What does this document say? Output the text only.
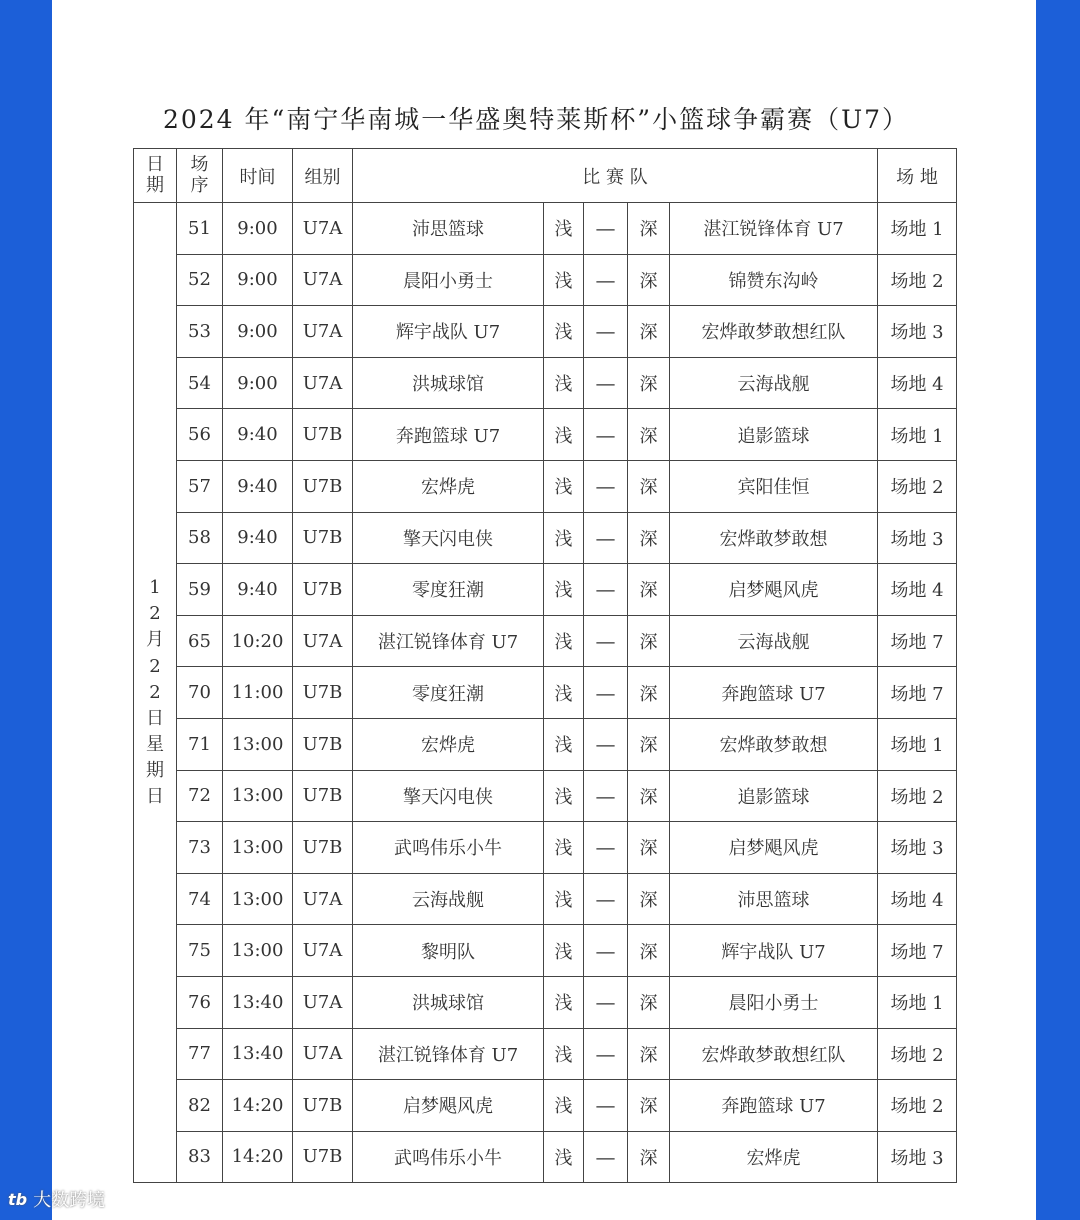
2024 年“南宁华南城一华盛奥特莱斯杯”小篮球争霸赛（U7）
日期	场序	时间	组别	比 赛 队					场 地
12月22日星期日	51	9:00	U7A	沛思篮球	浅	—	深	湛江锐锋体育 U7	场地 1
	52	9:00	U7A	晨阳小勇士	浅	—	深	锦赞东沟岭	场地 2
	53	9:00	U7A	辉宇战队 U7	浅	—	深	宏烨敢梦敢想红队	场地 3
	54	9:00	U7A	洪城球馆	浅	—	深	云海战舰	场地 4
	56	9:40	U7B	奔跑篮球 U7	浅	—	深	追影篮球	场地 1
	57	9:40	U7B	宏烨虎	浅	—	深	宾阳佳恒	场地 2
	58	9:40	U7B	擎天闪电侠	浅	—	深	宏烨敢梦敢想	场地 3
	59	9:40	U7B	零度狂潮	浅	—	深	启梦飓风虎	场地 4
	65	10:20	U7A	湛江锐锋体育 U7	浅	—	深	云海战舰	场地 7
	70	11:00	U7B	零度狂潮	浅	—	深	奔跑篮球 U7	场地 7
	71	13:00	U7B	宏烨虎	浅	—	深	宏烨敢梦敢想	场地 1
	72	13:00	U7B	擎天闪电侠	浅	—	深	追影篮球	场地 2
	73	13:00	U7B	武鸣伟乐小牛	浅	—	深	启梦飓风虎	场地 3
	74	13:00	U7A	云海战舰	浅	—	深	沛思篮球	场地 4
	75	13:00	U7A	黎明队	浅	—	深	辉宇战队 U7	场地 7
	76	13:40	U7A	洪城球馆	浅	—	深	晨阳小勇士	场地 1
	77	13:40	U7A	湛江锐锋体育 U7	浅	—	深	宏烨敢梦敢想红队	场地 2
	82	14:20	U7B	启梦飓风虎	浅	—	深	奔跑篮球 U7	场地 2
	83	14:20	U7B	武鸣伟乐小牛	浅	—	深	宏烨虎	场地 3
tb 大数跨境
